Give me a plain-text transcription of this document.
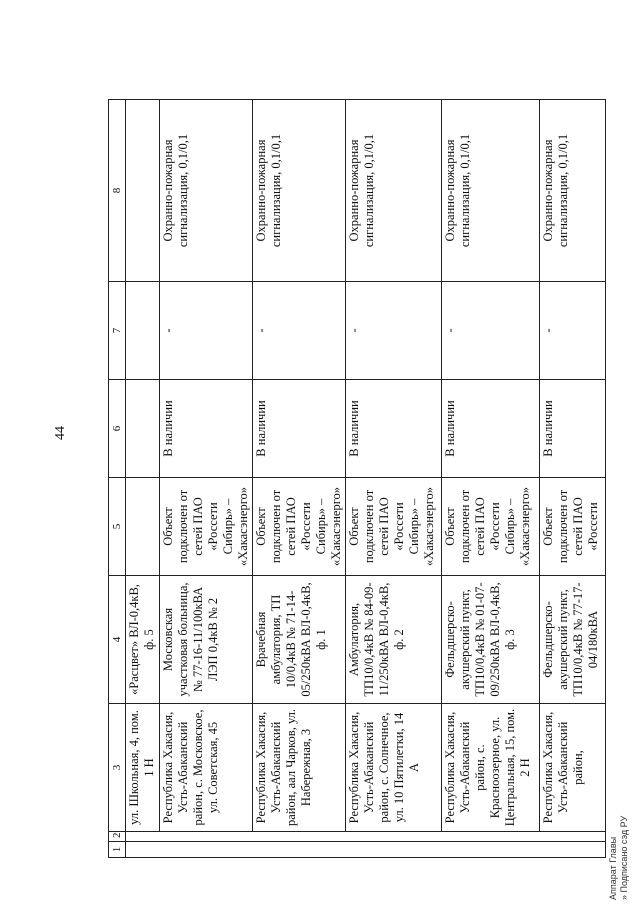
44
1	2	3	4	5	6	7	8
		ул. Школьная, 4, пом. 1 Н	«Расцвет» ВЛ-0,4кВ, ф. 5				
		Республика Хакасия, Усть-Абаканский район, с. Московское, ул. Советская, 45	Московская участковая больница, № 77-16-11/100кВА ЛЭП 0,4кВ № 2	Объект подключен от сетей ПАО «Россети Сибирь» – «Хакасэнерго»	В наличии	-	Охранно-пожарная сигнализация, 0,1/0,1
		Республика Хакасия, Усть-Абаканский район, аал Чарков, ул. Набережная, 3	Врачебная амбулатория, ТП 10/0,4кВ № 71-14-05/250кВА ВЛ-0,4кВ, ф. 1	Объект подключен от сетей ПАО «Россети Сибирь» – «Хакасэнерго»	В наличии	-	Охранно-пожарная сигнализация, 0,1/0,1
		Республика Хакасия, Усть-Абаканский район, с. Солнечное, ул. 10 Пятилетки, 14 А	Амбулатория, ТП10/0,4кВ № 84-09-11/250кВА ВЛ-0,4кВ, ф. 2	Объект подключен от сетей ПАО «Россети Сибирь» – «Хакасэнерго»	В наличии	-	Охранно-пожарная сигнализация, 0,1/0,1
		Республика Хакасия, Усть-Абаканский район, с. Красноозерное, ул. Центральная, 15, пом. 2 Н	Фельдшерско-акушерский пункт, ТП10/0,4кВ № 01-07-09/250кВА ВЛ-0,4кВ, ф. 3	Объект подключен от сетей ПАО «Россети Сибирь» – «Хакасэнерго»	В наличии	-	Охранно-пожарная сигнализация, 0,1/0,1
		Республика Хакасия, Усть-Абаканский район,	Фельдшерско-акушерский пункт, ТП10/0,4кВ № 77-17-04/180кВА	Объект подключен от сетей ПАО «Россети	В наличии	-	Охранно-пожарная сигнализация, 0,1/0,1
Аппарат Главы » Подписано сэд РУ
